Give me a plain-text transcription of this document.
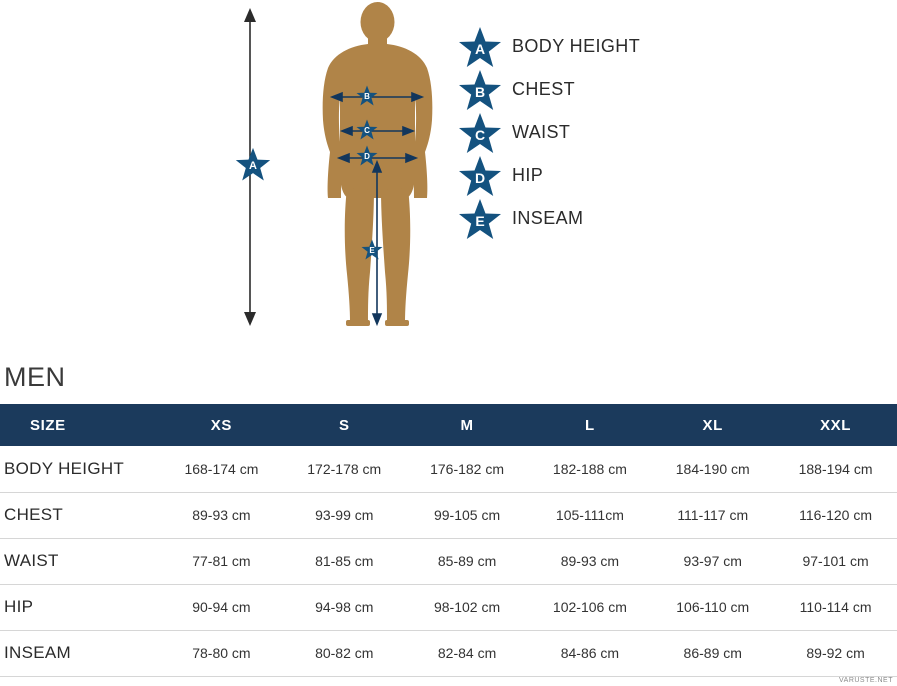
A
B
C
D
E
A	BODY HEIGHT
B	CHEST
C	WAIST
D	HIP
E	INSEAM
MEN
SIZE	XS	S	M	L	XL	XXL
BODY HEIGHT	168-174 cm	172-178 cm	176-182 cm	182-188 cm	184-190 cm	188-194 cm
CHEST	89-93 cm	93-99 cm	99-105 cm	105-111cm	111-117 cm	116-120 cm
WAIST	77-81 cm	81-85 cm	85-89 cm	89-93 cm	93-97 cm	97-101 cm
HIP	90-94 cm	94-98 cm	98-102 cm	102-106 cm	106-110 cm	110-114 cm
INSEAM	78-80 cm	80-82 cm	82-84 cm	84-86 cm	86-89 cm	89-92 cm
VARUSTE.NET
